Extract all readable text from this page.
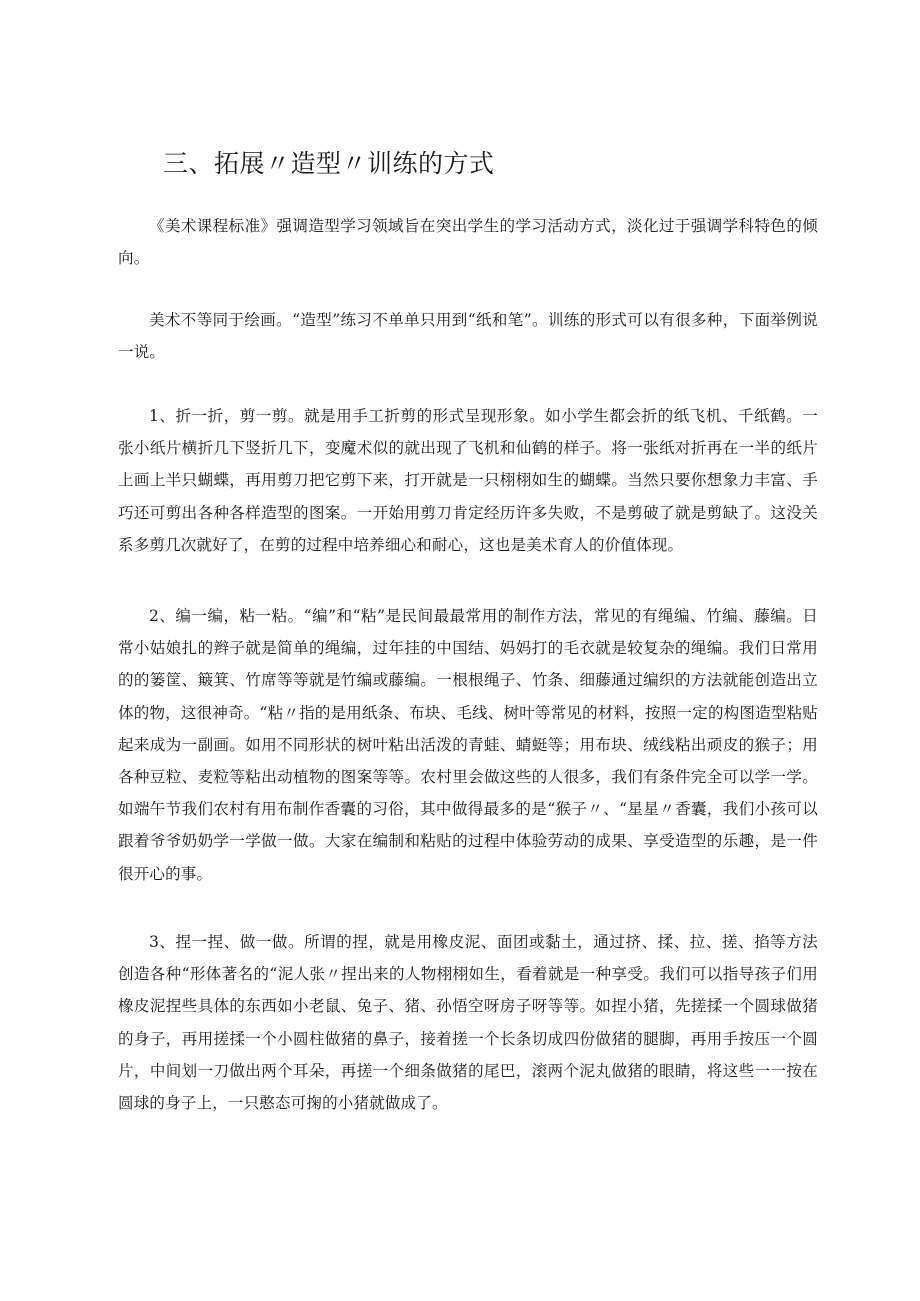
三、拓展〃造型〃训练的方式

《美术课程标准》强调造型学习领域旨在突出学生的学习活动方式，淡化过于强调学科特色的倾向。

美术不等同于绘画。“造型”练习不单单只用到“纸和笔”。训练的形式可以有很多种，下面举例说一说。

1、折一折，剪一剪。就是用手工折剪的形式呈现形象。如小学生都会折的纸飞机、千纸鹤。一张小纸片横折几下竖折几下，变魔术似的就出现了飞机和仙鹤的样子。将一张纸对折再在一半的纸片上画上半只蝴蝶，再用剪刀把它剪下来，打开就是一只栩栩如生的蝴蝶。当然只要你想象力丰富、手巧还可剪出各种各样造型的图案。一开始用剪刀肯定经历许多失败，不是剪破了就是剪缺了。这没关系多剪几次就好了，在剪的过程中培养细心和耐心，这也是美术育人的价值体现。

2、编一编，粘一粘。“编”和“粘”是民间最最常用的制作方法，常见的有绳编、竹编、藤编。日常小姑娘扎的辫子就是简单的绳编，过年挂的中国结、妈妈打的毛衣就是较复杂的绳编。我们日常用的的篓筐、簸箕、竹席等等就是竹编或藤编。一根根绳子、竹条、细藤通过编织的方法就能创造出立体的物，这很神奇。“粘〃指的是用纸条、布块、毛线、树叶等常见的材料，按照一定的构图造型粘贴起来成为一副画。如用不同形状的树叶粘出活泼的青蛙、蜻蜓等；用布块、绒线粘出顽皮的猴子；用各种豆粒、麦粒等粘出动植物的图案等等。农村里会做这些的人很多，我们有条件完全可以学一学。如端午节我们农村有用布制作香囊的习俗，其中做得最多的是“猴子〃、“星星〃香囊，我们小孩可以跟着爷爷奶奶学一学做一做。大家在编制和粘贴的过程中体验劳动的成果、享受造型的乐趣，是一件很开心的事。

3、捏一捏、做一做。所谓的捏，就是用橡皮泥、面团或黏土，通过挤、揉、拉、搓、掐等方法创造各种“形体著名的“泥人张〃捏出来的人物栩栩如生，看着就是一种享受。我们可以指导孩子们用橡皮泥捏些具体的东西如小老鼠、兔子、猪、孙悟空呀房子呀等等。如捏小猪，先搓揉一个圆球做猪的身子，再用搓揉一个小圆柱做猪的鼻子，接着搓一个长条切成四份做猪的腿脚，再用手按压一个圆片，中间划一刀做出两个耳朵，再搓一个细条做猪的尾巴，滚两个泥丸做猪的眼睛，将这些一一按在圆球的身子上，一只憨态可掬的小猪就做成了。
